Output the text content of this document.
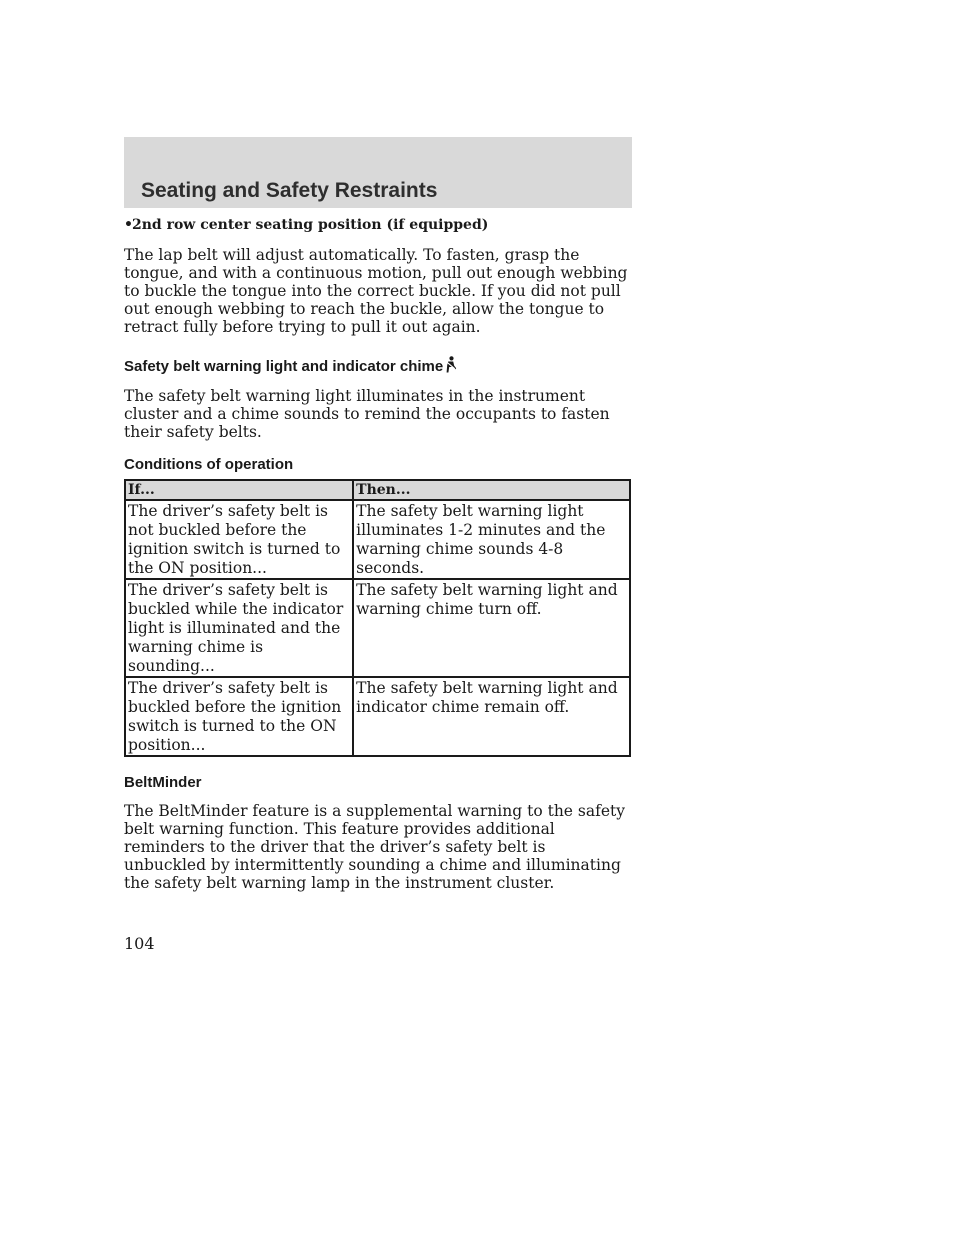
Seating and Safety Restraints
•2nd row center seating position (if equipped)

The lap belt will adjust automatically. To fasten, grasp the tongue, and with a continuous motion, pull out enough webbing to buckle the tongue into the correct buckle. If you did not pull out enough webbing to reach the buckle, allow the tongue to retract fully before trying to pull it out again.

Safety belt warning light and indicator chime

The safety belt warning light illuminates in the instrument cluster and a chime sounds to remind the occupants to fasten their safety belts.

Conditions of operation
If...	Then...
The driver’s safety belt is not buckled before the ignition switch is turned to the ON position...	The safety belt warning light illuminates 1-2 minutes and the warning chime sounds 4-8 seconds.
The driver’s safety belt is buckled while the indicator light is illuminated and the warning chime is sounding...	The safety belt warning light and warning chime turn off.
The driver’s safety belt is buckled before the ignition switch is turned to the ON position...	The safety belt warning light and indicator chime remain off.
BeltMinder

The BeltMinder feature is a supplemental warning to the safety belt warning function. This feature provides additional reminders to the driver that the driver’s safety belt is unbuckled by intermittently sounding a chime and illuminating the safety belt warning lamp in the instrument cluster.

104
